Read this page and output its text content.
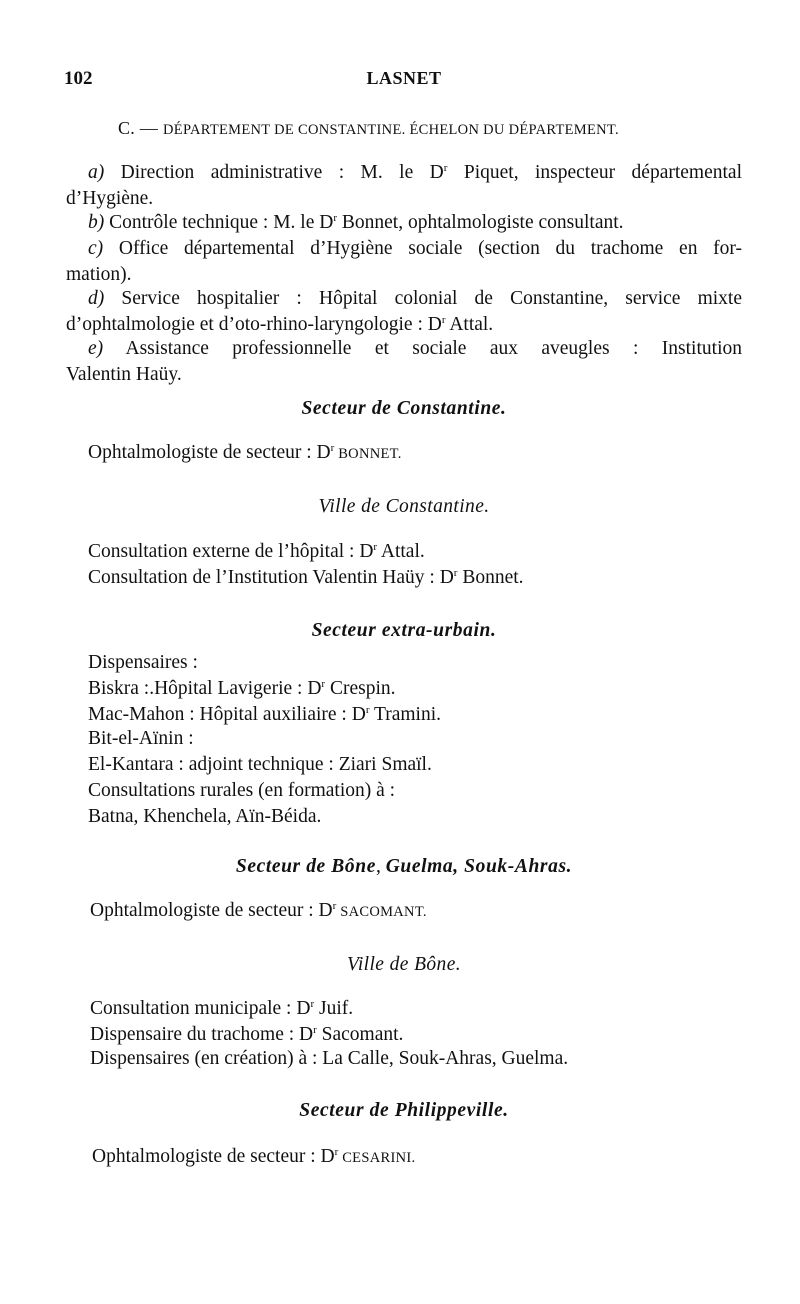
102	LASNET
C. — DÉPARTEMENT DE CONSTANTINE. ÉCHELON DU DÉPARTEMENT.
a) Direction administrative : M. le $D^r$ Piquet, inspecteur départemental
d’Hygiène.
b) Contrôle technique : M. le $D^r$ Bonnet, ophtalmologiste consultant.
c) Office départemental d’Hygiène sociale (section du trachome en for-
mation).
d) Service hospitalier : Hôpital colonial de Constantine, service mixte
d’ophtalmologie et d’oto-rhino-laryngologie : $D^r$ Attal.
e) Assistance professionnelle et sociale aux aveugles : Institution
Valentin Haüy.
Secteur de Constantine.
Ophtalmologiste de secteur : $D^r$ BONNET.
Ville de Constantine.
Consultation externe de l’hôpital : $D^r$ Attal.
Consultation de l’Institution Valentin Haüy : $D^r$ Bonnet.
Secteur extra-urbain.
Dispensaires :
Biskra :.Hôpital Lavigerie : $D^r$ Crespin.
Mac-Mahon : Hôpital auxiliaire : $D^r$ Tramini.
Bit-el-Aïnin :
El-Kantara : adjoint technique : Ziari Smaïl.
Consultations rurales (en formation) à :
Batna, Khenchela, Aïn-Béida.
Secteur de Bône, Guelma, Souk-Ahras.
Ophtalmologiste de secteur : $D^r$ SACOMANT.
Ville de Bône.
Consultation municipale : $D^r$ Juif.
Dispensaire du trachome : $D^r$ Sacomant.
Dispensaires (en création) à : La Calle, Souk-Ahras, Guelma.
Secteur de Philippeville.
Ophtalmologiste de secteur : $D^r$ CESARINI.
